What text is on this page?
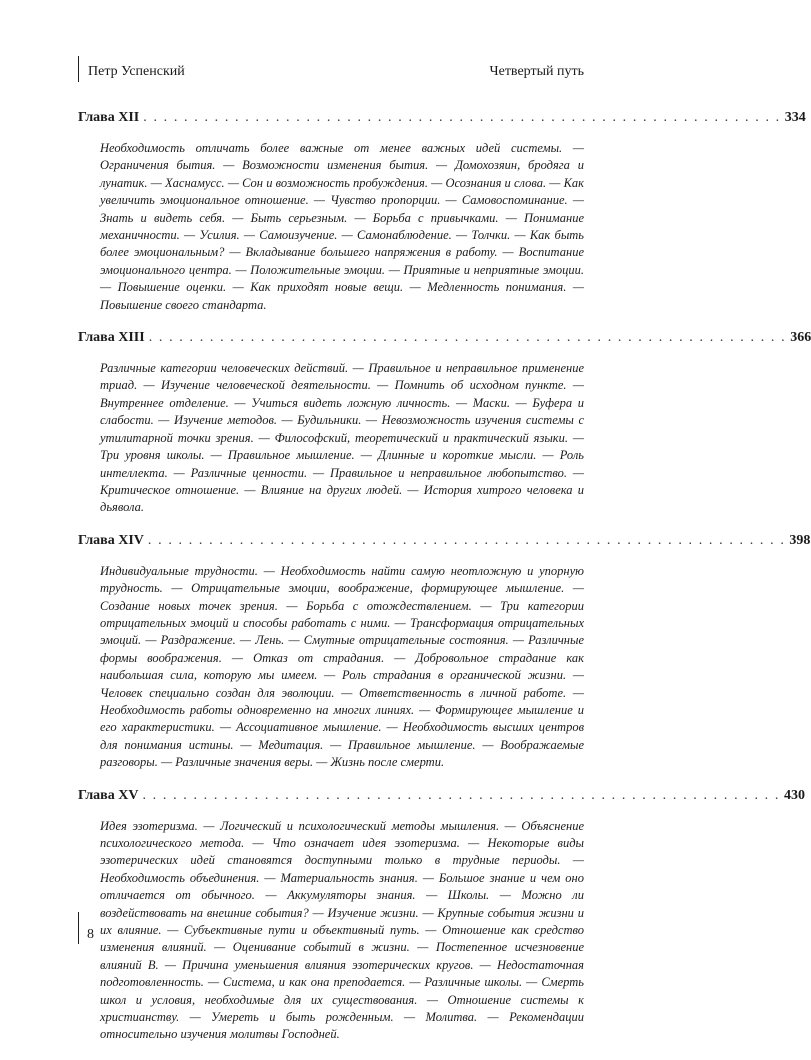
Петр Успенский	Четвертый путь
Глава XII . . . . . . . . . . . . . . . . . . . . . . . . . . . . . . . . . . . . . . . . . . . . . . . . . . . . . . . . . . . . . . . 334
Необходимость отличать более важные от менее важных идей системы. — Ограничения бытия. — Возможности изменения бытия. — Домохозяин, бродяга и лунатик. — Хаснамусс. — Сон и возможность пробуждения. — Осознания и слова. — Как увеличить эмоциональное отношение. — Чувство пропорции. — Самовоспоминание. — Знать и видеть себя. — Быть серьезным. — Борьба с привычками. — Понимание механичности. — Усилия. — Самоизучение. — Самонаблюдение. — Толчки. — Как быть более эмоциональным? — Вкладывание большего напряжения в работу. — Воспитание эмоционального центра. — Положительные эмоции. — Приятные и неприятные эмоции. — Повышение оценки. — Как приходят новые вещи. — Медленность понимания. — Повышение своего стандарта.
Глава XIII . . . . . . . . . . . . . . . . . . . . . . . . . . . . . . . . . . . . . . . . . . . . . . . . . . . . . . . . . . . . . . . 366
Различные категории человеческих действий. — Правильное и неправильное применение триад. — Изучение человеческой деятельности. — Помнить об исходном пункте. — Внутреннее отделение. — Учиться видеть ложную личность. — Маски. — Буфера и слабости. — Изучение методов. — Будильники. — Невозможность изучения системы с утилитарной точки зрения. — Философский, теоретический и практический языки. — Три уровня школы. — Правильное мышление. — Длинные и короткие мысли. — Роль интеллекта. — Различные ценности. — Правильное и неправильное любопытство. — Критическое отношение. — Влияние на других людей. — История хитрого человека и дьявола.
Глава XIV . . . . . . . . . . . . . . . . . . . . . . . . . . . . . . . . . . . . . . . . . . . . . . . . . . . . . . . . . . . . . . . 398
Индивидуальные трудности. — Необходимость найти самую неотложную и упорную трудность. — Отрицательные эмоции, воображение, формирующее мышление. — Создание новых точек зрения. — Борьба с отождествлением. — Три категории отрицательных эмоций и способы работать с ними. — Трансформация отрицательных эмоций. — Раздражение. — Лень. — Смутные отрицательные состояния. — Различные формы воображения. — Отказ от страдания. — Добровольное страдание как наибольшая сила, которую мы имеем. — Роль страдания в органической жизни. — Человек специально создан для эволюции. — Ответственность в личной работе. — Необходимость работы одновременно на многих линиях. — Формирующее мышление и его характеристики. — Ассоциативное мышление. — Необходимость высших центров для понимания истины. — Медитация. — Правильное мышление. — Воображаемые разговоры. — Различные значения веры. — Жизнь после смерти.
Глава XV . . . . . . . . . . . . . . . . . . . . . . . . . . . . . . . . . . . . . . . . . . . . . . . . . . . . . . . . . . . . . . . 430
Идея эзотеризма. — Логический и психологический методы мышления. — Объяснение психологического метода. — Что означает идея эзотеризма. — Некоторые виды эзотерических идей становятся доступными только в трудные периоды. — Необходимость объединения. — Материальность знания. — Большое знание и чем оно отличается от обычного. — Аккумуляторы знания. — Школы. — Можно ли воздействовать на внешние события? — Изучение жизни. — Крупные события жизни и их влияние. — Субъективные пути и объективный путь. — Отношение как средство изменения влияний. — Оценивание событий в жизни. — Постепенное исчезновение влияний В. — Причина уменьшения влияния эзотерических кругов. — Недостаточная подготовленность. — Система, и как она преподается. — Различные школы. — Смерть школ и условия, необходимые для их существования. — Отношение системы к христианству. — Умереть и быть рожденным. — Молитва. — Рекомендации относительно изучения молитвы Господней.
8
